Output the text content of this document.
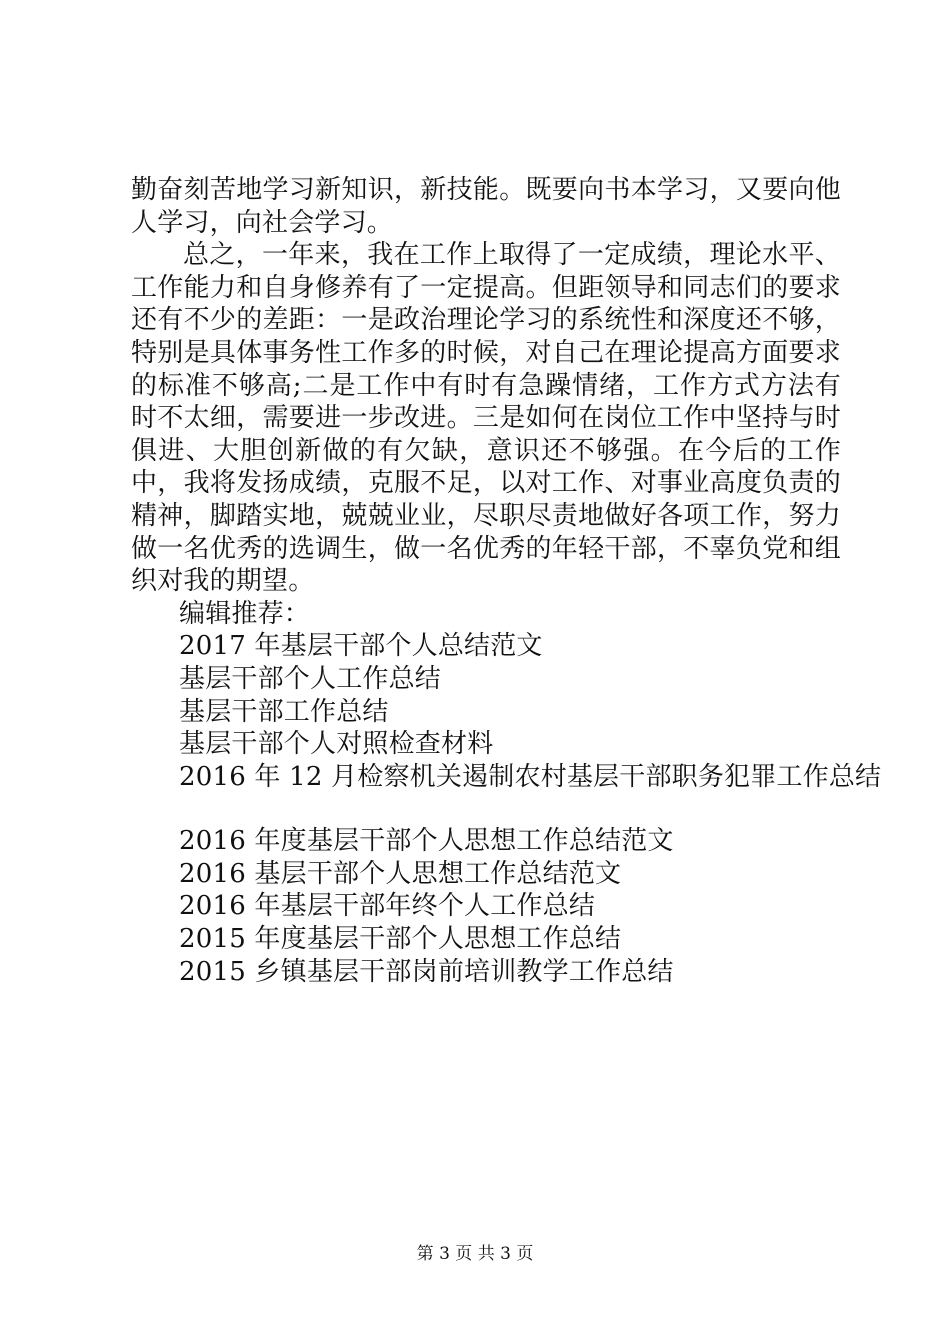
勤奋刻苦地学习新知识，新技能。既要向书本学习，又要向他人学习，向社会学习。

总之，一年来，我在工作上取得了一定成绩，理论水平、工作能力和自身修养有了一定提高。但距领导和同志们的要求还有不少的差距：一是政治理论学习的系统性和深度还不够，特别是具体事务性工作多的时候，对自己在理论提高方面要求的标准不够高;二是工作中有时有急躁情绪，工作方式方法有时不太细，需要进一步改进。三是如何在岗位工作中坚持与时俱进、大胆创新做的有欠缺，意识还不够强。在今后的工作中，我将发扬成绩，克服不足，以对工作、对事业高度负责的精神，脚踏实地，兢兢业业，尽职尽责地做好各项工作，努力做一名优秀的选调生，做一名优秀的年轻干部，不辜负党和组织对我的期望。

编辑推荐：

2017 年基层干部个人总结范文
基层干部个人工作总结
基层干部工作总结
基层干部个人对照检查材料
2016 年 12 月检察机关遏制农村基层干部职务犯罪工作总结
2016 年度基层干部个人思想工作总结范文
2016 基层干部个人思想工作总结范文
2016 年基层干部年终个人工作总结
2015 年度基层干部个人思想工作总结
2015 乡镇基层干部岗前培训教学工作总结
第 3 页 共 3 页
